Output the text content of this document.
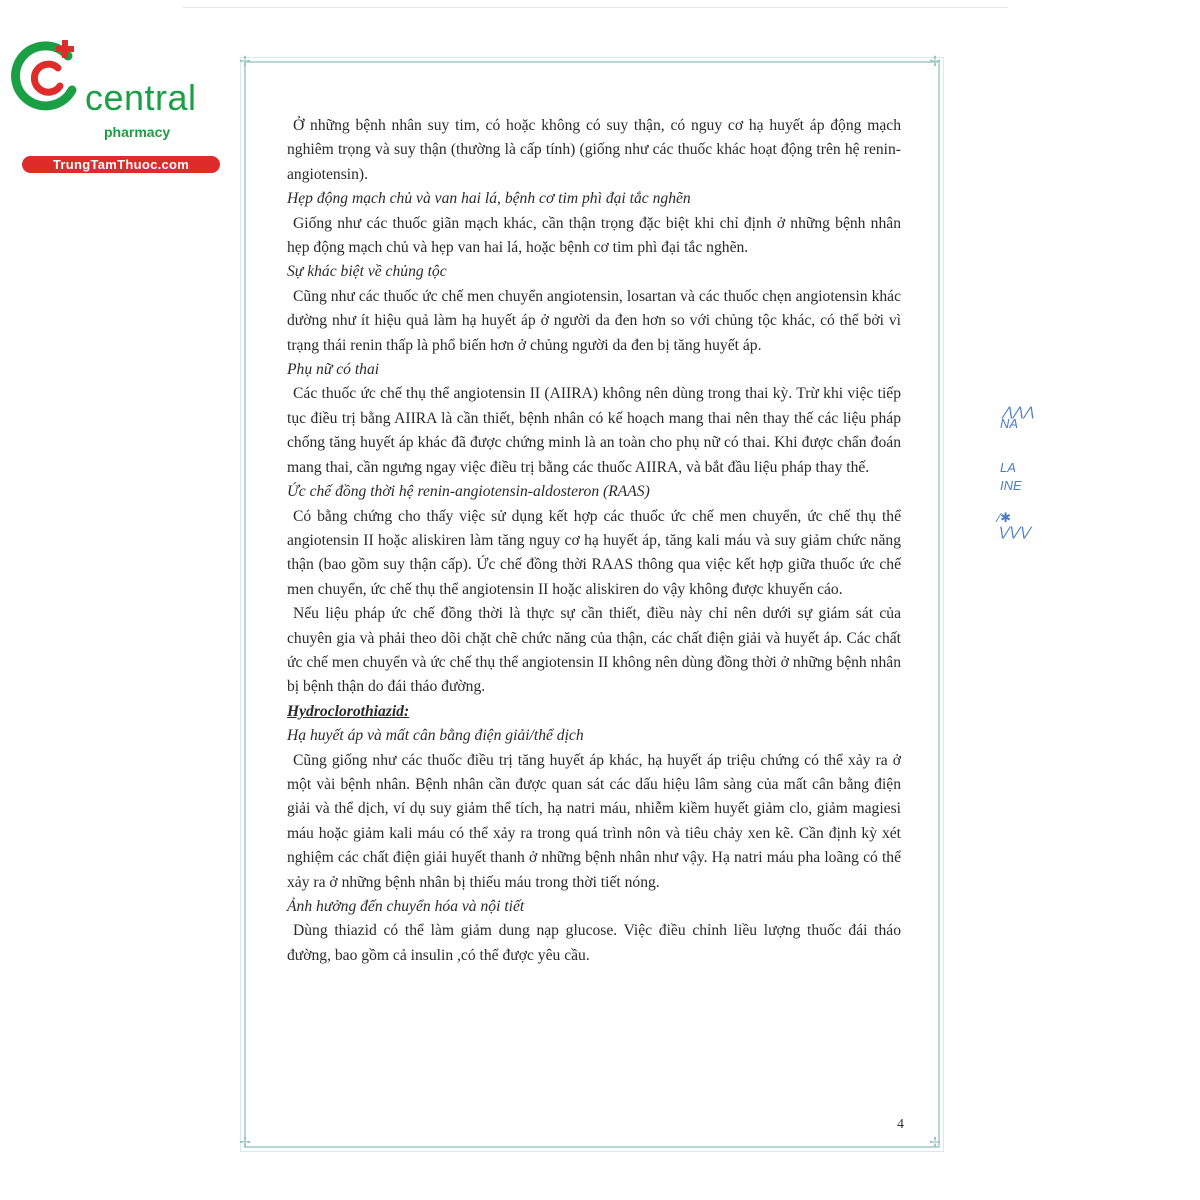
central
pharmacy
TrungTamThuoc.com
⋀⋀⋀
NA
LA
INE
⁄✱
⋁⋁⋁
✢	✢
✢	✢

Ở những bệnh nhân suy tim, có hoặc không có suy thận, có nguy cơ hạ huyết áp động mạch nghiêm trọng và suy thận (thường là cấp tính) (giống như các thuốc khác hoạt động trên hệ renin-angiotensin).

Hẹp động mạch chủ và van hai lá, bệnh cơ tim phì đại tắc nghẽn

Giống như các thuốc giãn mạch khác, cần thận trọng đặc biệt khi chỉ định ở những bệnh nhân hẹp động mạch chủ và hẹp van hai lá, hoặc bệnh cơ tim phì đại tắc nghẽn.

Sự khác biệt về chủng tộc

Cũng như các thuốc ức chế men chuyển angiotensin, losartan và các thuốc chẹn angiotensin khác dường như ít hiệu quả làm hạ huyết áp ở người da đen hơn so với chủng tộc khác, có thể bởi vì trạng thái renin thấp là phổ biến hơn ở chủng người da đen bị tăng huyết áp.

Phụ nữ có thai

Các thuốc ức chế thụ thể angiotensin II (AIIRA) không nên dùng trong thai kỳ. Trừ khi việc tiếp tục điều trị bằng AIIRA là cần thiết, bệnh nhân có kế hoạch mang thai nên thay thế các liệu pháp chống tăng huyết áp khác đã được chứng minh là an toàn cho phụ nữ có thai. Khi được chẩn đoán mang thai, cần ngưng ngay việc điều trị bằng các thuốc AIIRA, và bắt đầu liệu pháp thay thế.

Ức chế đồng thời hệ renin-angiotensin-aldosteron (RAAS)

Có bằng chứng cho thấy việc sử dụng kết hợp các thuốc ức chế men chuyển, ức chế thụ thể angiotensin II hoặc aliskiren làm tăng nguy cơ hạ huyết áp, tăng kali máu và suy giảm chức năng thận (bao gồm suy thận cấp). Ức chế đồng thời RAAS thông qua việc kết hợp giữa thuốc ức chế men chuyển, ức chế thụ thể angiotensin II hoặc aliskiren do vậy không được khuyến cáo.

Nếu liệu pháp ức chế đồng thời là thực sự cần thiết, điều này chỉ nên dưới sự giám sát của chuyên gia và phải theo dõi chặt chẽ chức năng của thận, các chất điện giải và huyết áp. Các chất ức chế men chuyển và ức chế thụ thể angiotensin II không nên dùng đồng thời ở những bệnh nhân bị bệnh thận do đái tháo đường.

Hydroclorothiazid:

Hạ huyết áp và mất cân bằng điện giải/thể dịch

Cũng giống như các thuốc điều trị tăng huyết áp khác, hạ huyết áp triệu chứng có thể xảy ra ở một vài bệnh nhân. Bệnh nhân cần được quan sát các dấu hiệu lâm sàng của mất cân bằng điện giải và thể dịch, ví dụ suy giảm thể tích, hạ natri máu, nhiễm kiềm huyết giảm clo, giảm magiesi máu hoặc giảm kali máu có thể xảy ra trong quá trình nôn và tiêu chảy xen kẽ. Cần định kỳ xét nghiệm các chất điện giải huyết thanh ở những bệnh nhân như vậy. Hạ natri máu pha loãng có thể xảy ra ở những bệnh nhân bị thiếu máu trong thời tiết nóng.

Ảnh hưởng đến chuyển hóa và nội tiết

Dùng thiazid có thể làm giảm dung nạp glucose. Việc điều chỉnh liều lượng thuốc đái tháo đường, bao gồm cả insulin ,có thể được yêu cầu.

4
